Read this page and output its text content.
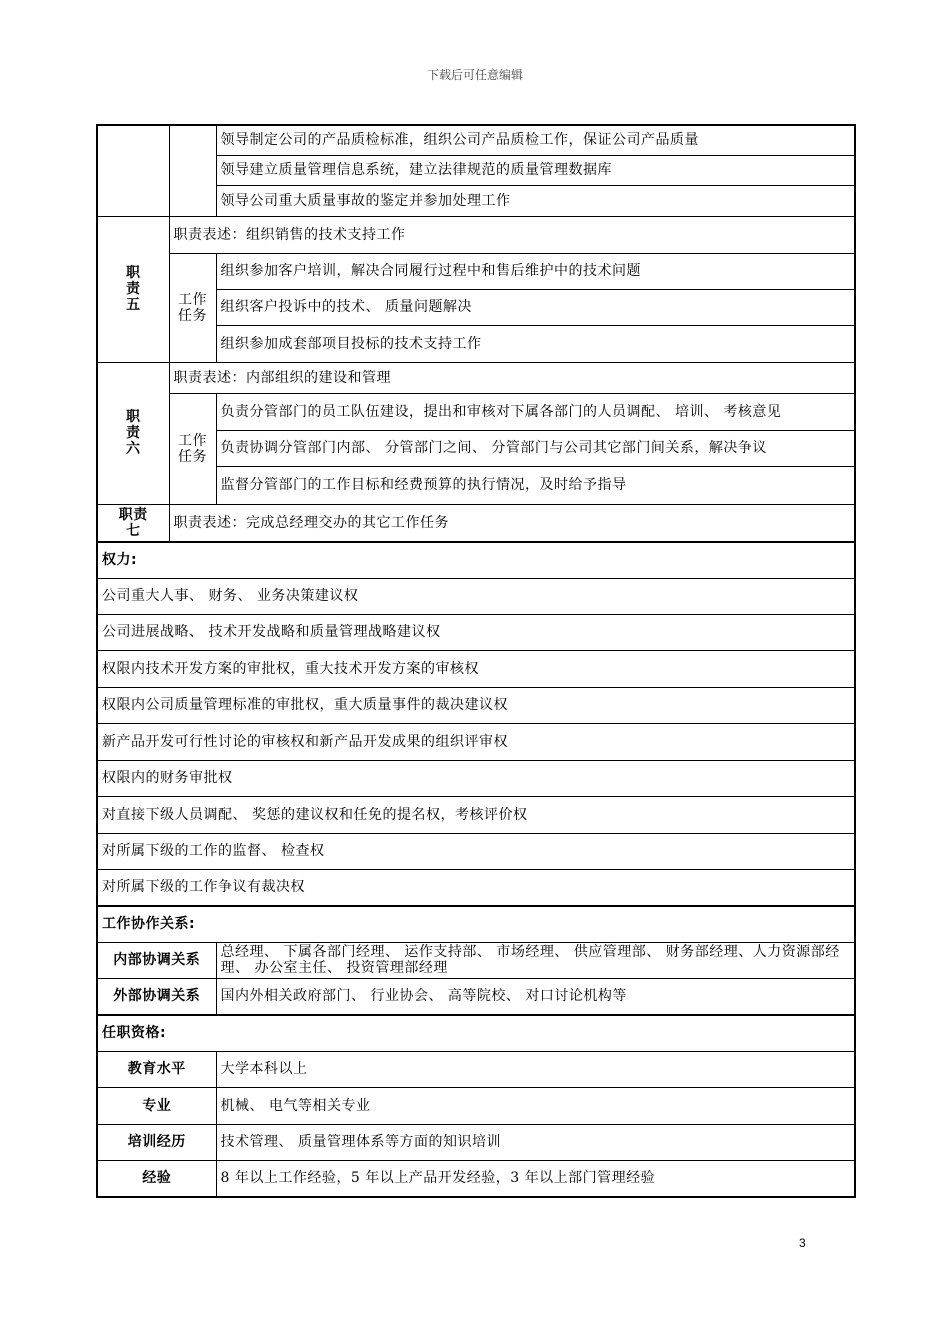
下载后可任意编辑
		领导制定公司的产品质检标准，组织公司产品质检工作，保证公司产品质量
		领导建立质量管理信息系统，建立法律规范的质量管理数据库
		领导公司重大质量事故的鉴定并参加处理工作

职责五	职责表述：组织销售的技术支持工作	

	工作任务	组织参加客户培训，解决合同履行过程中和售后维护中的技术问题
		组织客户投诉中的技术、 质量问题解决
		组织参加成套部项目投标的技术支持工作

职责六	职责表述：内部组织的建设和管理	

	工作任务	负责分管部门的员工队伍建设，提出和审核对下属各部门的人员调配、 培训、 考核意见
		负责协调分管部门内部、 分管部门之间、 分管部门与公司其它部门间关系，解决争议
		监督分管部门的工作目标和经费预算的执行情况，及时给予指导

职责七	职责表述：完成总经理交办的其它工作任务	
权力:		
公司重大人事、 财务、 业务决策建议权		
公司进展战略、 技术开发战略和质量管理战略建议权		
权限内技术开发方案的审批权，重大技术开发方案的审核权		
权限内公司质量管理标准的审批权，重大质量事件的裁决建议权		
新产品开发可行性讨论的审核权和新产品开发成果的组织评审权		
权限内的财务审批权		
对直接下级人员调配、 奖惩的建议权和任免的提名权，考核评价权		
对所属下级的工作的监督、 检查权		
对所属下级的工作争议有裁决权		
工作协作关系:		
内部协调关系		总经理、 下属各部门经理、 运作支持部、 市场经理、 供应管理部、 财务部经理、人力资源部经理、 办公室主任、 投资管理部经理
外部协调关系		国内外相关政府部门、 行业协会、 高等院校、 对口讨论机构等
任职资格:		
教育水平		大学本科以上
专业		机械、 电气等相关专业
培训经历		技术管理、 质量管理体系等方面的知识培训
经验		8 年以上工作经验，5 年以上产品开发经验，3 年以上部门管理经验
3
